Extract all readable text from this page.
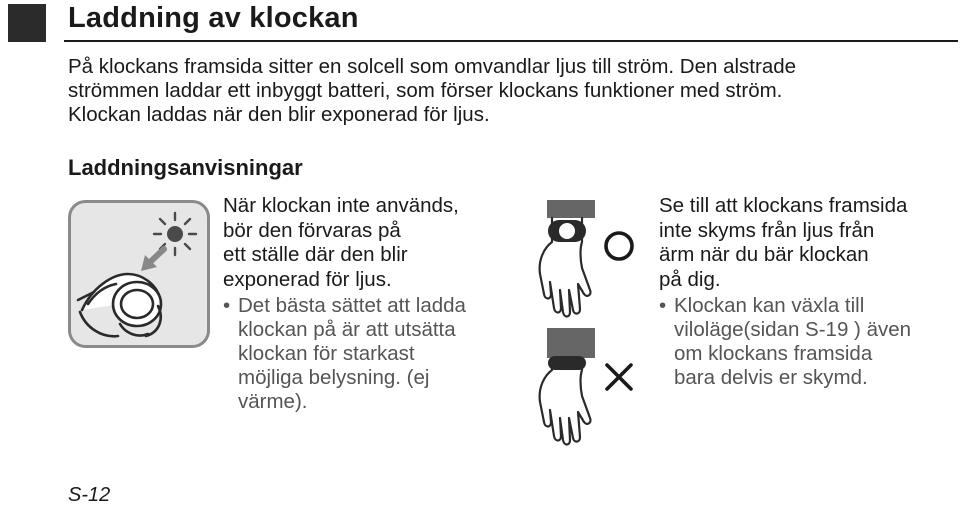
Laddning av klockan
På klockans framsida sitter en solcell som omvandlar ljus till ström. Den alstrade
strömmen laddar ett inbyggt batteri, som förser klockans funktioner med ström.
Klockan laddas när den blir exponerad för ljus.
Laddningsanvisningar
När klockan inte används,
bör den förvaras på
ett ställe där den blir
exponerad för ljus.
• Det bästa sättet att ladda
klockan på är att utsätta
klockan för starkast
möjliga belysning. (ej
värme).
Se till att klockans framsida
inte skyms från ljus från
ärm när du bär klockan
på dig.
• Klockan kan växla till
viloläge(sidan S-19 ) även
om klockans framsida
bara delvis er skymd.
S-12
